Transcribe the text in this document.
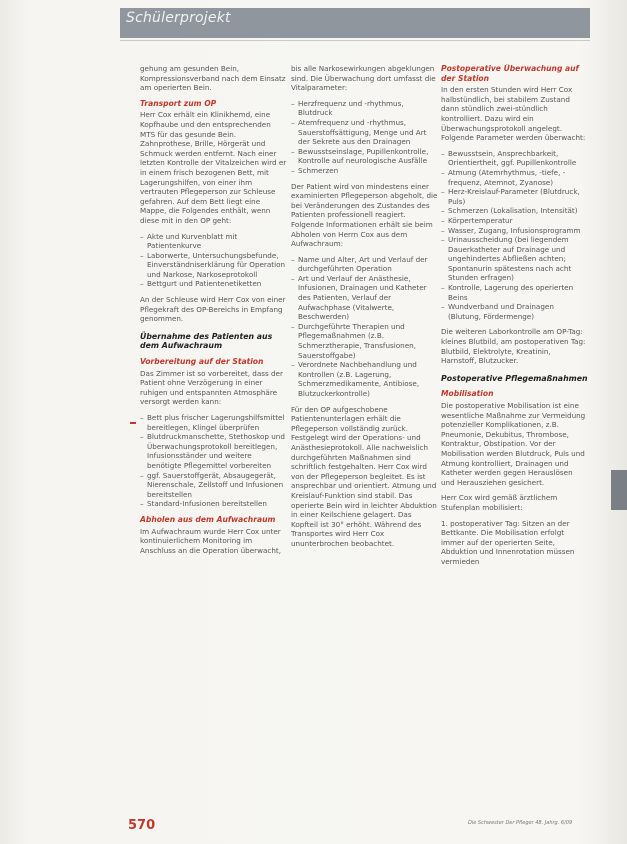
Schülerprojekt

gehung am gesunden Bein, Kompressionsverband nach dem Einsatz am operierten Bein.

Transport zum OP

Herr Cox erhält ein Klinikhemd, eine Kopfhaube und den entsprechenden MTS für das gesunde Bein. Zahnprothese, Brille, Hörgerät und Schmuck werden entfernt. Nach einer letzten Kontrolle der Vitalzeichen wird er in einem frisch bezogenen Bett, mit Lagerungshilfen, von einer ihm vertrauten Pflegeperson zur Schleuse gefahren. Auf dem Bett liegt eine Mappe, die Folgendes enthält, wenn diese mit in den OP geht:

– Akte und Kurvenblatt mit Patientenkurve
– Laborwerte, Untersuchungsbefunde, Einverständniserklärung für Operation und Narkose, Narkoseprotokoll
– Bettgurt und Patientenetiketten

An der Schleuse wird Herr Cox von einer Pflegekraft des OP-Bereichs in Empfang genommen.

Übernahme des Patienten aus dem Aufwachraum
Vorbereitung auf der Station

Das Zimmer ist so vorbereitet, dass der Patient ohne Verzögerung in einer ruhigen und entspannten Atmosphäre versorgt werden kann:

– Bett plus frischer Lagerungshilfsmittel bereitlegen, Klingel überprüfen
– Blutdruckmanschette, Stethoskop und Überwachungsprotokoll bereitlegen, Infusionsständer und weitere benötigte Pflegemittel vorbereiten
– ggf. Sauerstoffgerät, Absaugegerät, Nierenschale, Zellstoff und Infusionen bereitstellen
– Standard-Infusionen bereitstellen
Abholen aus dem Aufwachraum

Im Aufwachraum wurde Herr Cox unter kontinuierlichem Monitoring im Anschluss an die Operation überwacht,

bis alle Narkosewirkungen abgeklungen sind. Die Überwachung dort umfasst die Vitalparameter:

– Herzfrequenz und -rhythmus, Blutdruck
– Atemfrequenz und -rhythmus, Sauerstoffsättigung, Menge und Art der Sekrete aus den Drainagen
– Bewusstseinslage, Pupillenkontrolle, Kontrolle auf neurologische Ausfälle
– Schmerzen

Der Patient wird von mindestens einer examinierten Pflegeperson abgeholt, die bei Veränderungen des Zustandes des Patienten professionell reagiert. Folgende Informationen erhält sie beim Abholen von Herrn Cox aus dem Aufwachraum:

– Name und Alter, Art und Verlauf der durchgeführten Operation
– Art und Verlauf der Anästhesie, Infusionen, Drainagen und Katheter des Patienten, Verlauf der Aufwachphase (Vitalwerte, Beschwerden)
– Durchgeführte Therapien und Pflegemaßnahmen (z.B. Schmerztherapie, Transfusionen, Sauerstoffgabe)
– Verordnete Nachbehandlung und Kontrollen (z.B. Lagerung, Schmerzmedikamente, Antibiose, Blutzuckerkontrolle)

Für den OP aufgeschobene Patientenunterlagen erhält die Pflegeperson vollständig zurück. Festgelegt wird der Operations- und Anästhesieprotokoll. Alle nachweislich durchgeführten Maßnahmen sind schriftlich festgehalten. Herr Cox wird von der Pflegeperson begleitet. Es ist ansprechbar und orientiert. Atmung und Kreislauf-Funktion sind stabil. Das operierte Bein wird in leichter Abduktion in einer Keilschiene gelagert. Das Kopfteil ist 30° erhöht. Während des Transportes wird Herr Cox ununterbrochen beobachtet.

Postoperative Überwachung auf der Station

In den ersten Stunden wird Herr Cox halbstündlich, bei stabilem Zustand dann stündlich zwei-stündlich kontrolliert. Dazu wird ein Überwachungsprotokoll angelegt. Folgende Parameter werden überwacht:

– Bewusstsein, Ansprechbarkeit, Orientiertheit, ggf. Pupillenkontrolle
– Atmung (Atemrhythmus, -tiefe, -frequenz, Atemnot, Zyanose)
– Herz-Kreislauf-Parameter (Blutdruck, Puls)
– Schmerzen (Lokalisation, Intensität)
– Körpertemperatur
– Wasser, Zugang, Infusionsprogramm
– Urinausscheidung (bei liegendem Dauerkatheter auf Drainage und ungehindertes Abfließen achten; Spontanurin spätestens nach acht Stunden erfragen)
– Kontrolle, Lagerung des operierten Beins
– Wundverband und Drainagen (Blutung, Fördermenge)

Die weiteren Laborkontrolle am OP-Tag: kleines Blutbild, am postoperativen Tag: Blutbild, Elektrolyte, Kreatinin, Harnstoff, Blutzucker.

Postoperative Pflegemaßnahmen
Mobilisation

Die postoperative Mobilisation ist eine wesentliche Maßnahme zur Vermeidung potenzieller Komplikationen, z.B. Pneumonie, Dekubitus, Thrombose, Kontraktur, Obstipation. Vor der Mobilisation werden Blutdruck, Puls und Atmung kontrolliert, Drainagen und Katheter werden gegen Herauslösen und Herausziehen gesichert.

Herr Cox wird gemäß ärztlichem Stufenplan mobilisiert:

1. postoperativer Tag: Sitzen an der Bettkante. Die Mobilisation erfolgt immer auf der operierten Seite, Abduktion und Innenrotation müssen vermieden

570	Die Schwester Der Pfleger 48. Jahrg. 6/09
